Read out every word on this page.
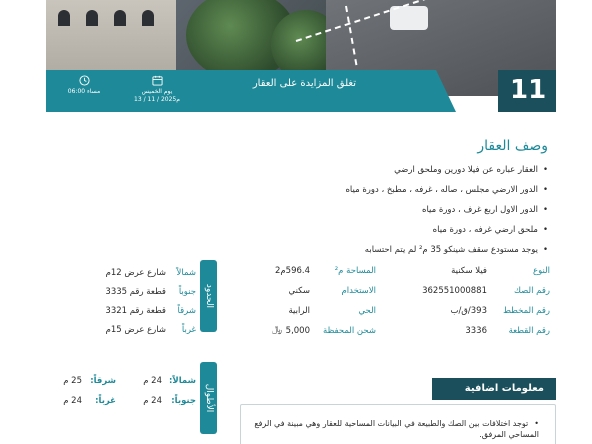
06:00 مساء	يوم الخميس
13 / 11 / 2025م
تغلق المزايدة على العقار	11
وصف العقار
• العقار عباره عن فيلا دورين وملحق ارضي
• الدور الارضي مجلس ، صاله ، غرفه ، مطبخ ، دورة مياه
• الدور الاول اربع غرف ، دورة مياه
• ملحق ارضي غرفه ، دورة مياه
• يوجد مستودع سقف شينكو 35 م² لم يتم احتسابه
النوع
فيلا سكنية
المساحة م²
596.4م2
رقم الصك
362551000881
الاستخدام
سكني
رقم المخطط
393/ق/ب
الحي
الرابية
رقم القطعة
3336
شحن المحفظة
5,000
﷼
الحدود
شمالاً
شارع عرض 12م
جنوباً
قطعة رقم 3335
شرقاً
قطعة رقم 3321
غرباً
شارع عرض 15م
الأطوال
شمالاً:
24 م
شرقاً:
25 م
جنوباً:
24 م
غرباً:
24 م
معلومات اضافية

• توجد اختلافات بين الصك والطبيعة في البيانات المساحية للعقار وهي مبينة في الرفع المساحي المرفق.
